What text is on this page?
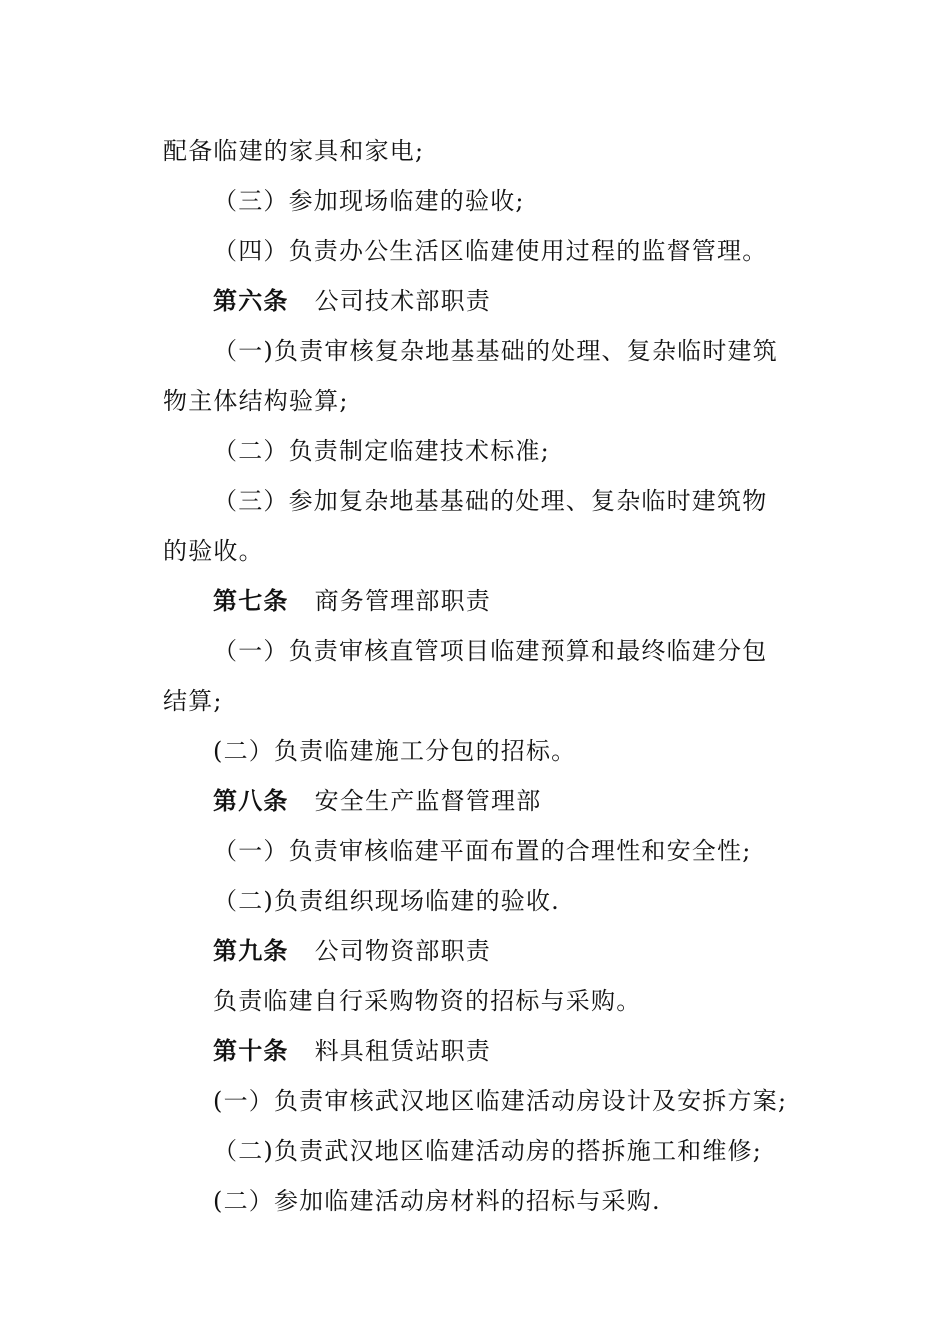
配备临建的家具和家电;
（三）参加现场临建的验收;
（四）负责办公生活区临建使用过程的监督管理。
第六条 公司技术部职责
（一)负责审核复杂地基基础的处理、复杂临时建筑
物主体结构验算;
（二）负责制定临建技术标准;
（三）参加复杂地基基础的处理、复杂临时建筑物
的验收。
第七条 商务管理部职责
（一）负责审核直管项目临建预算和最终临建分包
结算;
(二）负责临建施工分包的招标。
第八条 安全生产监督管理部
（一）负责审核临建平面布置的合理性和安全性;
（二)负责组织现场临建的验收.
第九条 公司物资部职责
负责临建自行采购物资的招标与采购。
第十条 料具租赁站职责
(一）负责审核武汉地区临建活动房设计及安拆方案;
（二)负责武汉地区临建活动房的搭拆施工和维修;
(二）参加临建活动房材料的招标与采购.
